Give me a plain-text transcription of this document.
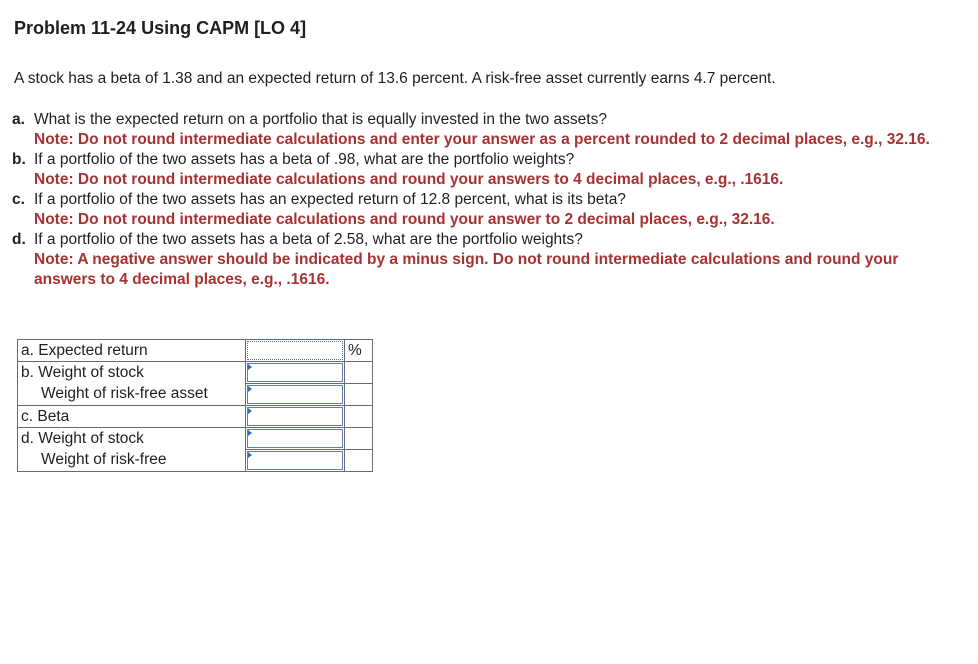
Problem 11-24 Using CAPM [LO 4]
A stock has a beta of 1.38 and an expected return of 13.6 percent. A risk-free asset currently earns 4.7 percent.
a. What is the expected return on a portfolio that is equally invested in the two assets?
Note: Do not round intermediate calculations and enter your answer as a percent rounded to 2 decimal places, e.g., 32.16.
b. If a portfolio of the two assets has a beta of .98, what are the portfolio weights?
Note: Do not round intermediate calculations and round your answers to 4 decimal places, e.g., .1616.
c. If a portfolio of the two assets has an expected return of 12.8 percent, what is its beta?
Note: Do not round intermediate calculations and round your answer to 2 decimal places, e.g., 32.16.
d. If a portfolio of the two assets has a beta of 2.58, what are the portfolio weights?
Note: A negative answer should be indicated by a minus sign. Do not round intermediate calculations and round your answers to 4 decimal places, e.g., .1616.
a. Expected return		%
b. Weight of stock	

Weight of risk-free asset	

c. Beta	

d. Weight of stock	

Weight of risk-free	
